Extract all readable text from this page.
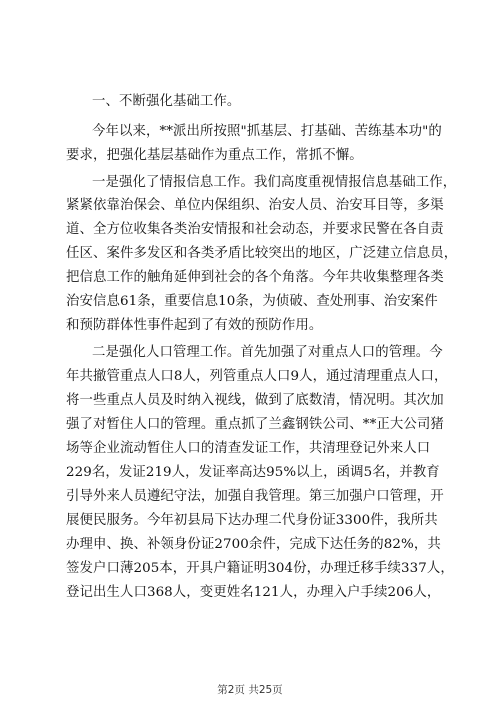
一、不断强化基础工作。
今年以来，**派出所按照"抓基层、打基础、苦练基本功"的
要求，把强化基层基础作为重点工作，常抓不懈。
一是强化了情报信息工作。我们高度重视情报信息基础工作，
紧紧依靠治保会、单位内保组织、治安人员、治安耳目等，多渠
道、全方位收集各类治安情报和社会动态，并要求民警在各自责
任区、案件多发区和各类矛盾比较突出的地区，广泛建立信息员，
把信息工作的触角延伸到社会的各个角落。今年共收集整理各类
治安信息61条，重要信息10条，为侦破、查处刑事、治安案件
和预防群体性事件起到了有效的预防作用。
二是强化人口管理工作。首先加强了对重点人口的管理。今
年共撤管重点人口8人，列管重点人口9人，通过清理重点人口，
将一些重点人员及时纳入视线，做到了底数清，情况明。其次加
强了对暂住人口的管理。重点抓了兰鑫钢铁公司、**正大公司猪
场等企业流动暂住人口的清查发证工作，共清理登记外来人口
229名，发证219人，发证率高达95%以上，函调5名，并教育
引导外来人员遵纪守法，加强自我管理。第三加强户口管理，开
展便民服务。今年初县局下达办理二代身份证3300件，我所共
办理申、换、补领身份证2700余件，完成下达任务的82%，共
签发户口薄205本，开具户籍证明304份，办理迁移手续337人，
登记出生人口368人，变更姓名121人，办理入户手续206人，
第2页 共25页
